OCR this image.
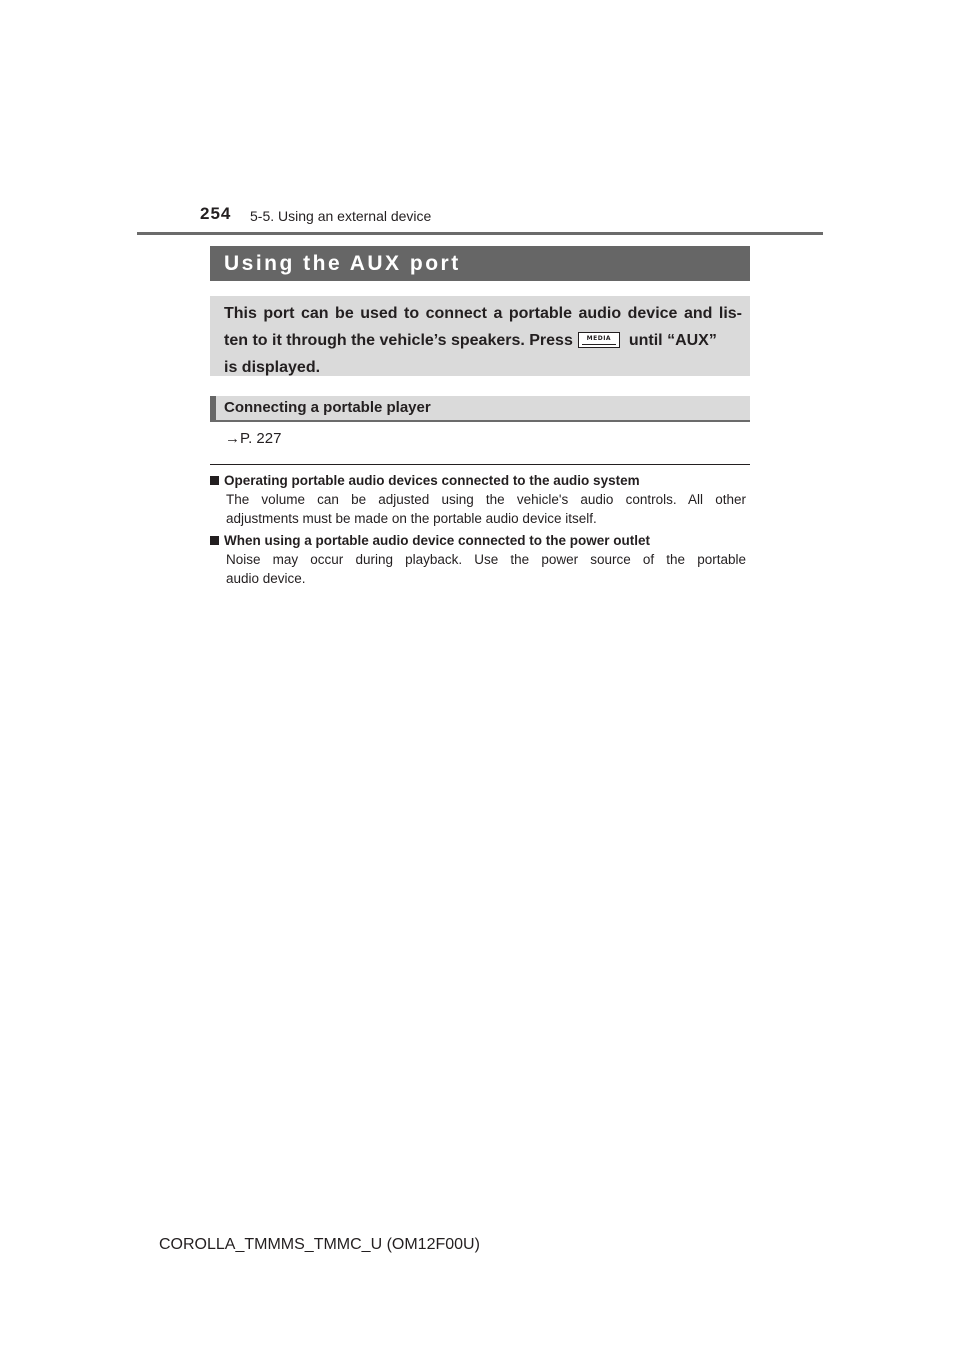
254 5-5. Using an external device
Using the AUX port
This port can be used to connect a portable audio device and lis-
ten to it through the vehicle’s speakers. Press	MEDIA	until “AUX”
is displayed.
Connecting a portable player
→P. 227
Operating portable audio devices connected to the audio system
The volume can be adjusted using the vehicle's audio controls. All other
adjustments must be made on the portable audio device itself.
When using a portable audio device connected to the power outlet
Noise may occur during playback. Use the power source of the portable
audio device.
COROLLA_TMMMS_TMMC_U (OM12F00U)
